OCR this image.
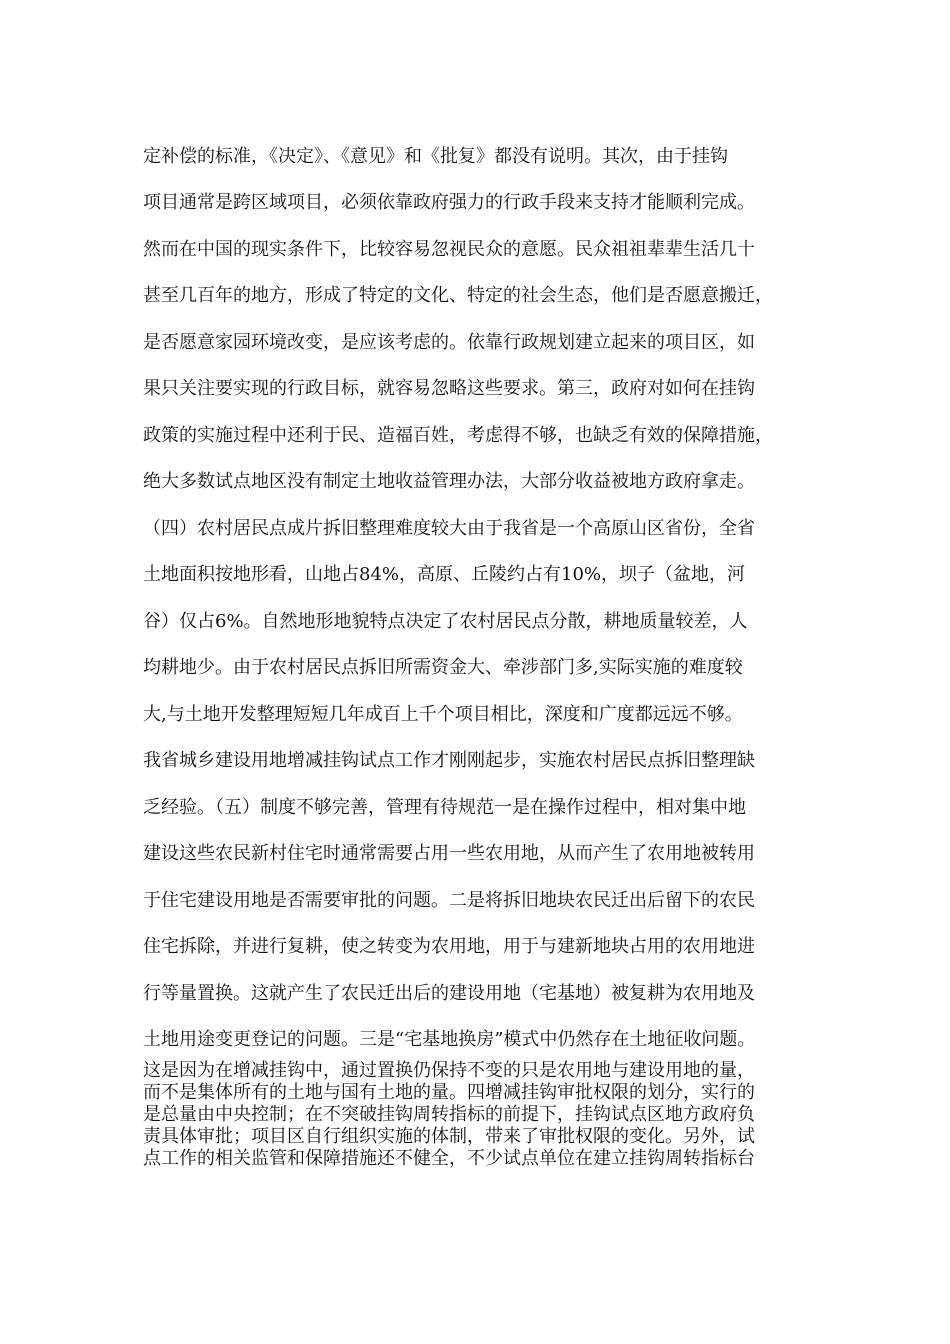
定补偿的标准，《决定》、《意见》和《批复》都没有说明。其次，由于挂钩
项目通常是跨区域项目，必须依靠政府强力的行政手段来支持才能顺利完成。
然而在中国的现实条件下，比较容易忽视民众的意愿。民众祖祖辈辈生活几十
甚至几百年的地方，形成了特定的文化、特定的社会生态，他们是否愿意搬迁，
是否愿意家园环境改变，是应该考虑的。依靠行政规划建立起来的项目区，如
果只关注要实现的行政目标，就容易忽略这些要求。第三，政府对如何在挂钩
政策的实施过程中还利于民、造福百姓，考虑得不够，也缺乏有效的保障措施，
绝大多数试点地区没有制定土地收益管理办法，大部分收益被地方政府拿走。
（四）农村居民点成片拆旧整理难度较大由于我省是一个高原山区省份，全省
土地面积按地形看，山地占84%，高原、丘陵约占有10%，坝子（盆地，河
谷）仅占6%。自然地形地貌特点决定了农村居民点分散，耕地质量较差，人
均耕地少。由于农村居民点拆旧所需资金大、牵涉部门多,实际实施的难度较
大,与土地开发整理短短几年成百上千个项目相比，深度和广度都远远不够。
我省城乡建设用地增减挂钩试点工作才刚刚起步，实施农村居民点拆旧整理缺
乏经验。（五）制度不够完善，管理有待规范一是在操作过程中，相对集中地
建设这些农民新村住宅时通常需要占用一些农用地，从而产生了农用地被转用
于住宅建设用地是否需要审批的问题。二是将拆旧地块农民迁出后留下的农民
住宅拆除，并进行复耕，使之转变为农用地，用于与建新地块占用的农用地进
行等量置换。这就产生了农民迁出后的建设用地（宅基地）被复耕为农用地及
土地用途变更登记的问题。三是“宅基地换房”模式中仍然存在土地征收问题。
这是因为在增减挂钩中，通过置换仍保持不变的只是农用地与建设用地的量，
而不是集体所有的土地与国有土地的量。四增减挂钩审批权限的划分，实行的
是总量由中央控制；在不突破挂钩周转指标的前提下，挂钩试点区地方政府负
责具体审批；项目区自行组织实施的体制，带来了审批权限的变化。另外，试
点工作的相关监管和保障措施还不健全，不少试点单位在建立挂钩周转指标台
